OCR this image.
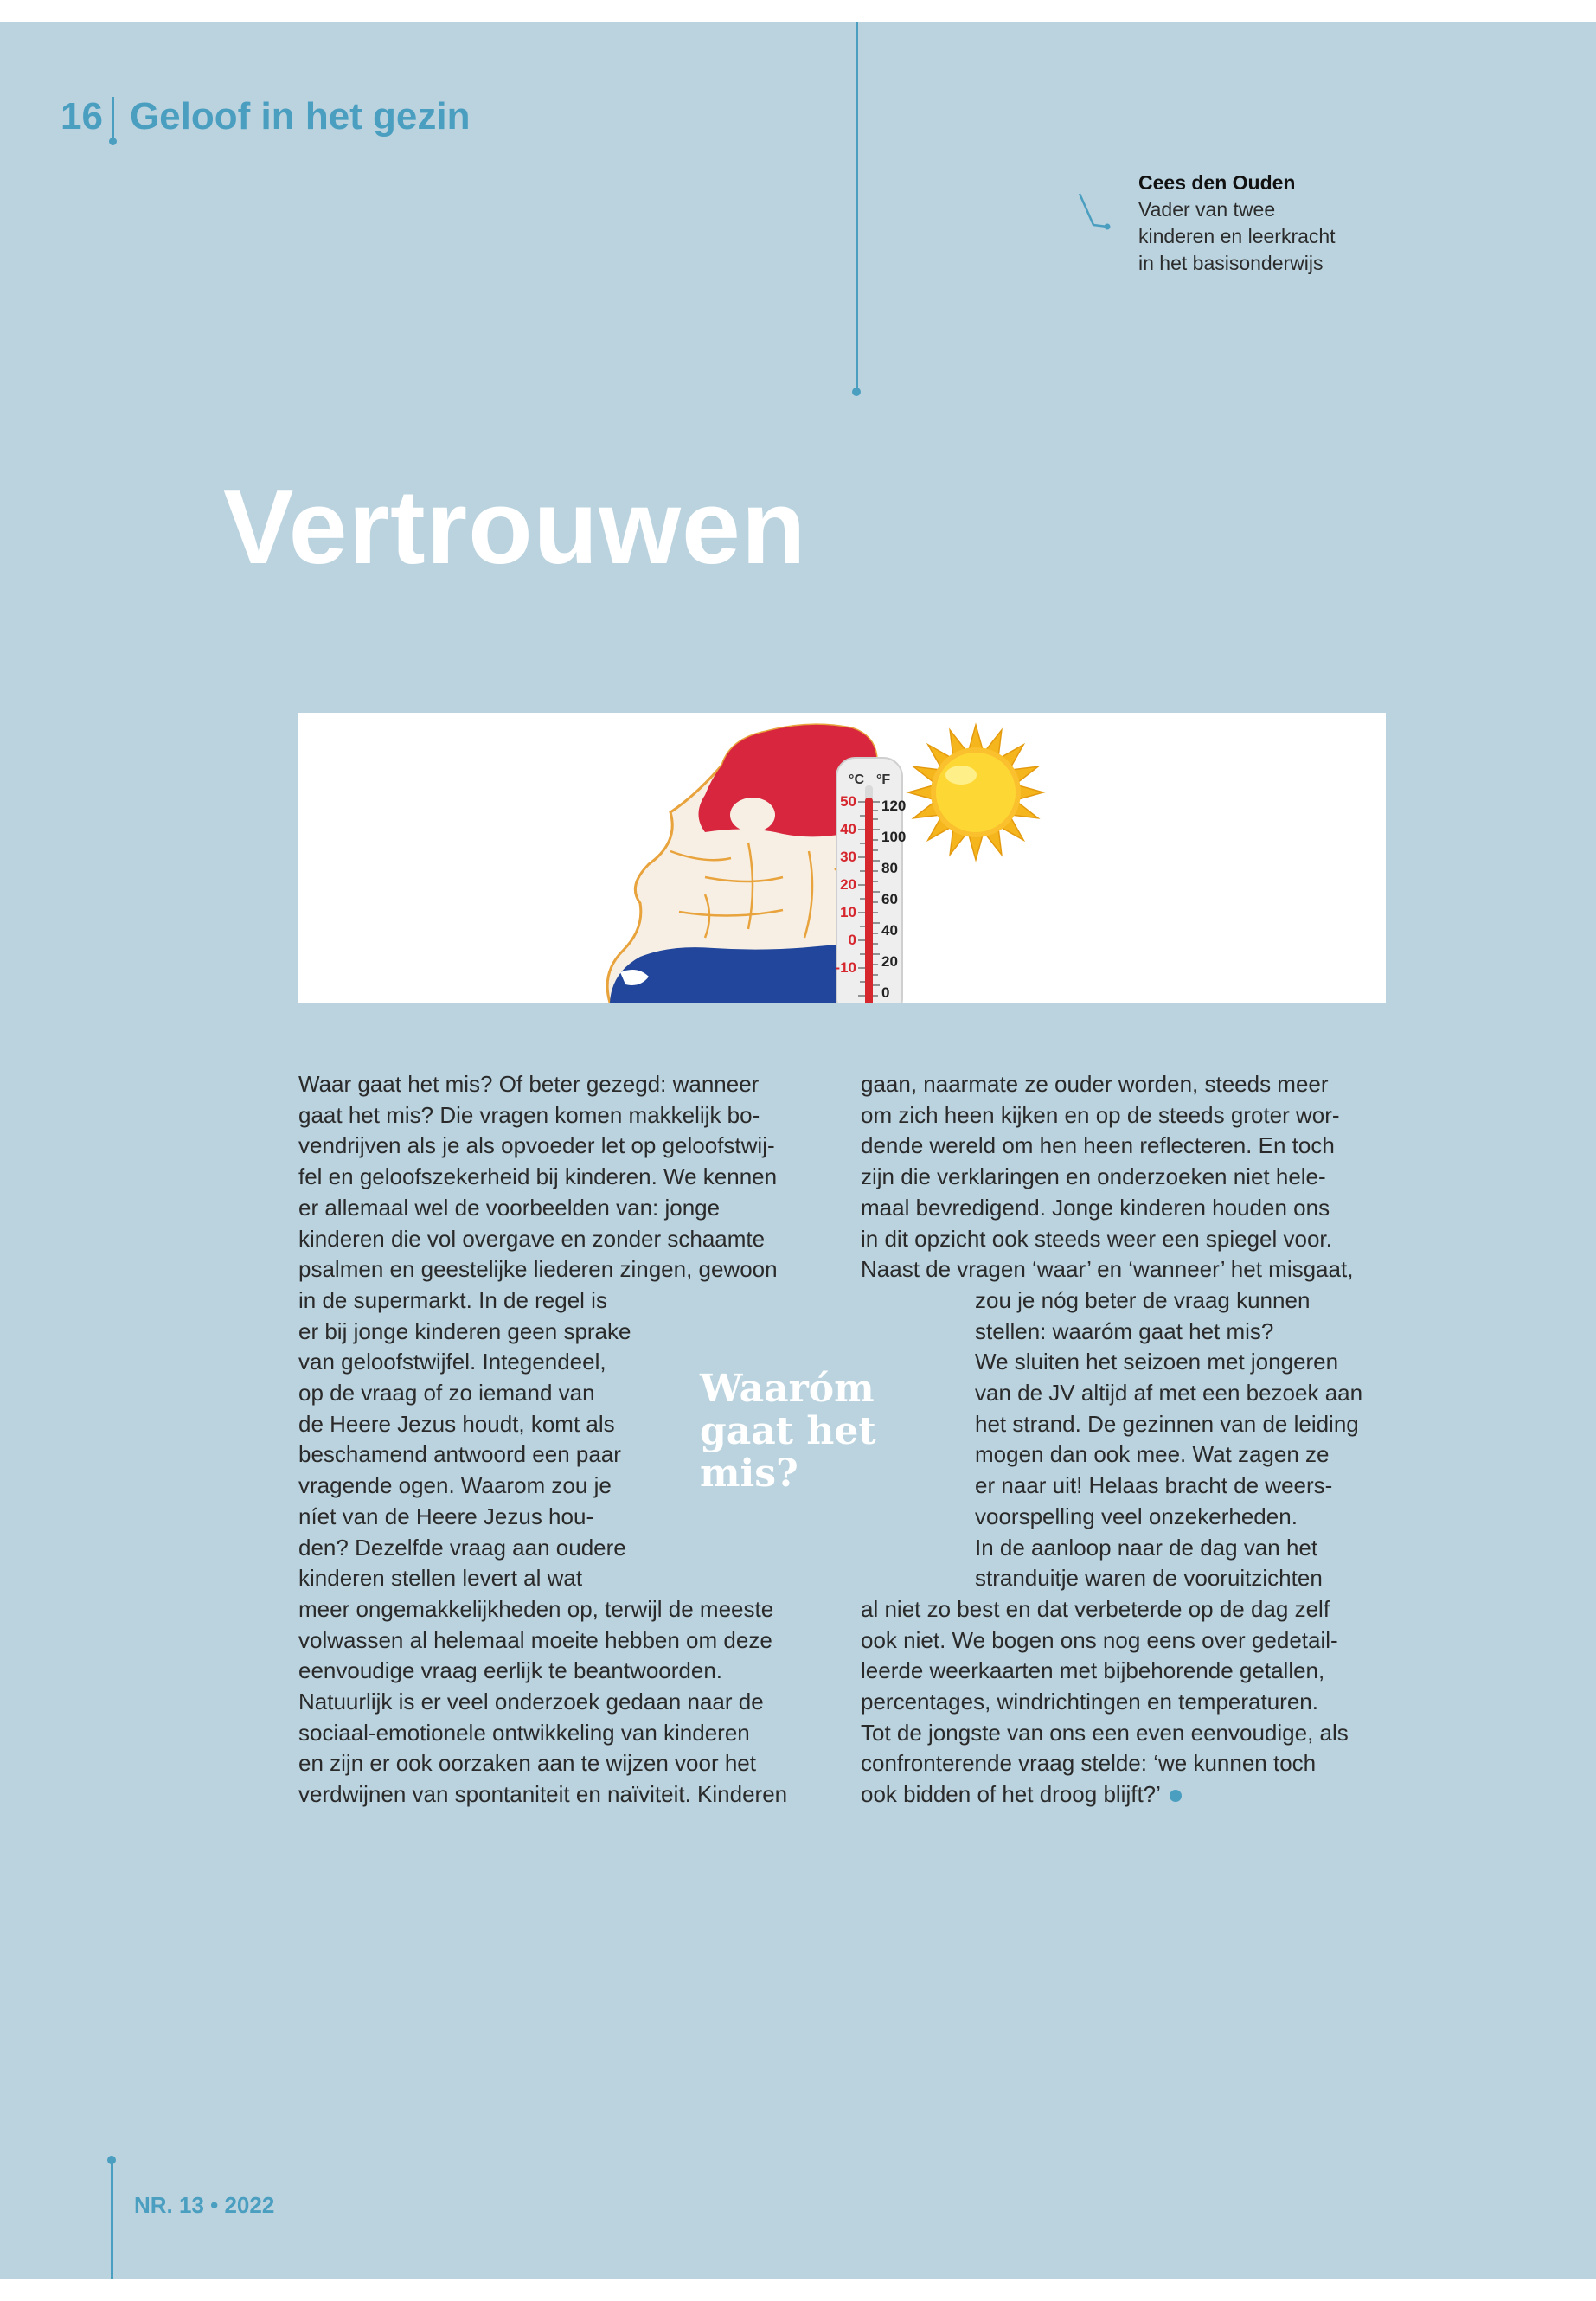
16 Geloof in het gezin
Cees den Ouden
Vader van twee
kinderen en leerkracht
in het basisonderwijs
Vertrouwen
°C °F
50
40
30
20
10
0
-10
120
100
80
60
40
20
0
Waar gaat het mis? Of beter gezegd: wanneer
gaat het mis? Die vragen komen makkelijk bo-
vendrijven als je als opvoeder let op geloofstwij-
fel en geloofszekerheid bij kinderen. We kennen
er allemaal wel de voorbeelden van: jonge
kinderen die vol overgave en zonder schaamte
psalmen en geestelijke liederen zingen, gewoon
in de supermarkt. In de regel is
er bij jonge kinderen geen sprake
van geloofstwijfel. Integendeel,
op de vraag of zo iemand van
de Heere Jezus houdt, komt als
beschamend antwoord een paar
vragende ogen. Waarom zou je
níet van de Heere Jezus hou-
den? Dezelfde vraag aan oudere
kinderen stellen levert al wat
meer ongemakkelijkheden op, terwijl de meeste
volwassen al helemaal moeite hebben om deze
eenvoudige vraag eerlijk te beantwoorden.
Natuurlijk is er veel onderzoek gedaan naar de
sociaal-emotionele ontwikkeling van kinderen
en zijn er ook oorzaken aan te wijzen voor het
verdwijnen van spontaniteit en naïviteit. Kinderen
Waaróm
gaat het
mis?
gaan, naarmate ze ouder worden, steeds meer
om zich heen kijken en op de steeds groter wor-
dende wereld om hen heen reflecteren. En toch
zijn die verklaringen en onderzoeken niet hele-
maal bevredigend. Jonge kinderen houden ons
in dit opzicht ook steeds weer een spiegel voor.
Naast de vragen ‘waar’ en ‘wanneer’ het misgaat,
zou je nóg beter de vraag kunnen
stellen: waaróm gaat het mis?
We sluiten het seizoen met jongeren
van de JV altijd af met een bezoek aan
het strand. De gezinnen van de leiding
mogen dan ook mee. Wat zagen ze
er naar uit! Helaas bracht de weers-
voorspelling veel onzekerheden.
In de aanloop naar de dag van het
stranduitje waren de vooruitzichten
al niet zo best en dat verbeterde op de dag zelf
ook niet. We bogen ons nog eens over gedetail-
leerde weerkaarten met bijbehorende getallen,
percentages, windrichtingen en temperaturen.
Tot de jongste van ons een even eenvoudige, als
confronterende vraag stelde: ‘we kunnen toch
ook bidden of het droog blijft?’
NR. 13 • 2022
